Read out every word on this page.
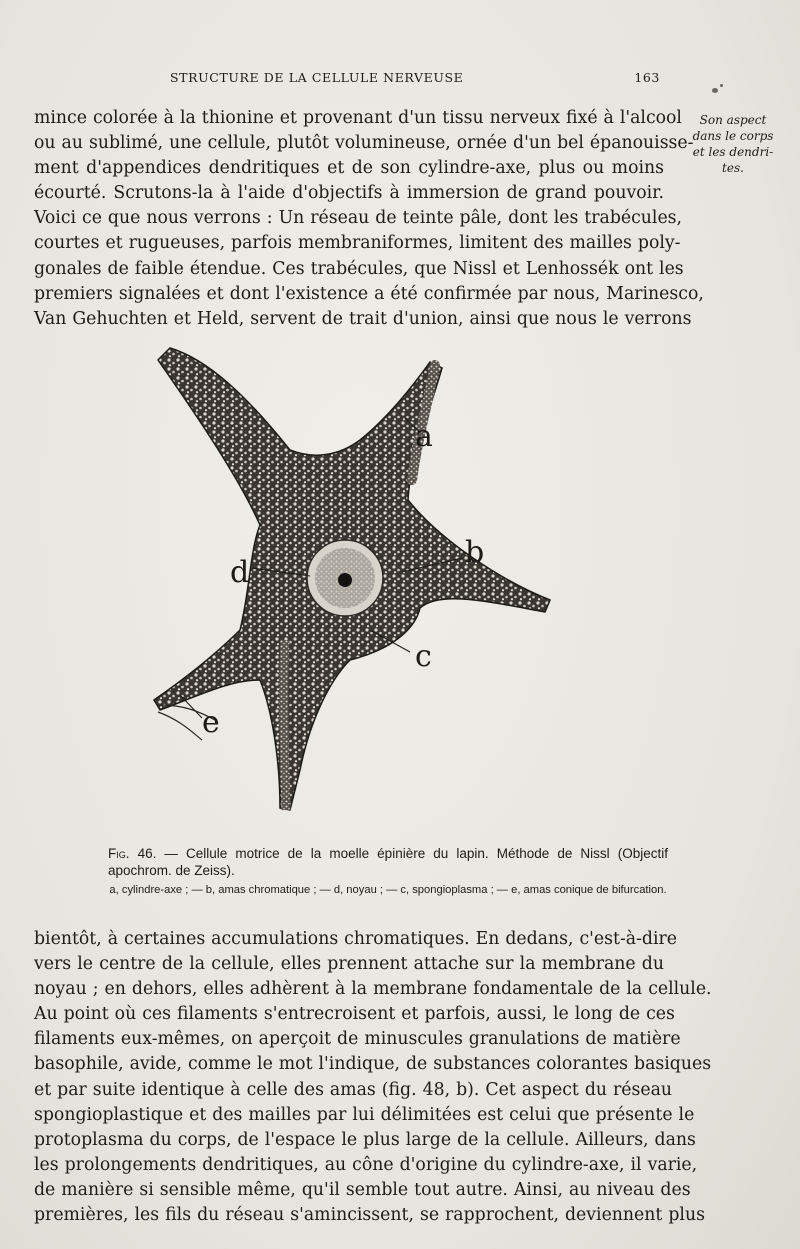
STRUCTURE DE LA CELLULE NERVEUSE	163
Son aspect
dans le corps
et les dendri-
tes.
mince colorée à la thionine et provenant d'un tissu nerveux fixé à l'alcool
ou au sublimé, une cellule, plutôt volumineuse, ornée d'un bel épanouisse-
ment d'appendices dendritiques et de son cylindre-axe, plus ou moins
écourté. Scrutons-la à l'aide d'objectifs à immersion de grand pouvoir.
Voici ce que nous verrons : Un réseau de teinte pâle, dont les trabécules,
courtes et rugueuses, parfois membraniformes, limitent des mailles poly-
gonales de faible étendue. Ces trabécules, que Nissl et Lenhossék ont les
premiers signalées et dont l'existence a été confirmée par nous, Marinesco,
Van Gehuchten et Held, servent de trait d'union, ainsi que nous le verrons
a
b
c
d
e
Fig. 46. — Cellule motrice de la moelle épinière du lapin. Méthode de Nissl (Objectif apochrom. de Zeiss).
a, cylindre-axe ; — b, amas chromatique ; — d, noyau ; — c, spongioplasma ; — e, amas conique de bifurcation.
bientôt, à certaines accumulations chromatiques. En dedans, c'est-à-dire
vers le centre de la cellule, elles prennent attache sur la membrane du
noyau ; en dehors, elles adhèrent à la membrane fondamentale de la cellule.
Au point où ces filaments s'entrecroisent et parfois, aussi, le long de ces
filaments eux-mêmes, on aperçoit de minuscules granulations de matière
basophile, avide, comme le mot l'indique, de substances colorantes basiques
et par suite identique à celle des amas (fig. 48, b). Cet aspect du réseau
spongioplastique et des mailles par lui délimitées est celui que présente le
protoplasma du corps, de l'espace le plus large de la cellule. Ailleurs, dans
les prolongements dendritiques, au cône d'origine du cylindre-axe, il varie,
de manière si sensible même, qu'il semble tout autre. Ainsi, au niveau des
premières, les fils du réseau s'amincissent, se rapprochent, deviennent plus
